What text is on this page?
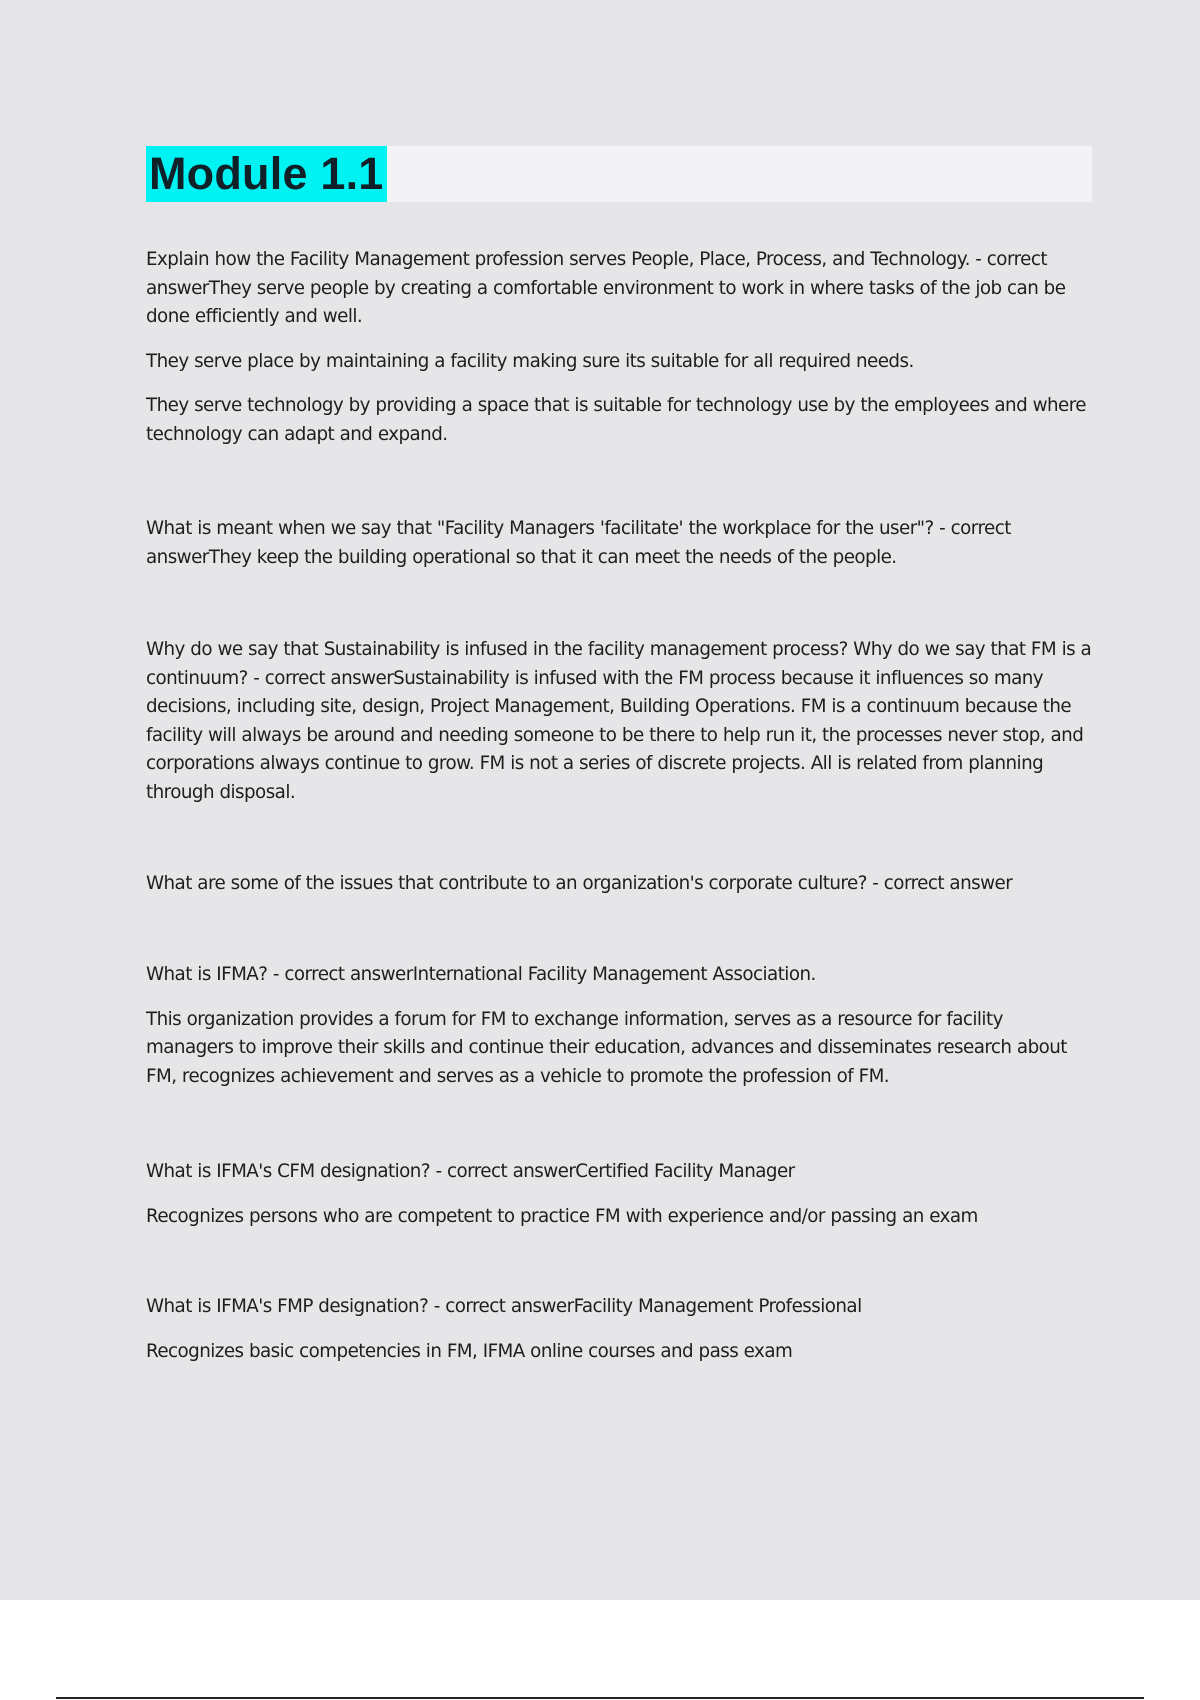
Module 1.1

Explain how the Facility Management profession serves People, Place, Process, and Technology. - correct answerThey serve people by creating a comfortable environment to work in where tasks of the job can be done efficiently and well.

They serve place by maintaining a facility making sure its suitable for all required needs.

They serve technology by providing a space that is suitable for technology use by the employees and where technology can adapt and expand.

What is meant when we say that "Facility Managers 'facilitate' the workplace for the user"? - correct answerThey keep the building operational so that it can meet the needs of the people.

Why do we say that Sustainability is infused in the facility management process? Why do we say that FM is a continuum? - correct answerSustainability is infused with the FM process because it influences so many decisions, including site, design, Project Management, Building Operations. FM is a continuum because the facility will always be around and needing someone to be there to help run it, the processes never stop, and corporations always continue to grow. FM is not a series of discrete projects. All is related from planning through disposal.

What are some of the issues that contribute to an organization's corporate culture? - correct answer

What is IFMA? - correct answerInternational Facility Management Association.

This organization provides a forum for FM to exchange information, serves as a resource for facility managers to improve their skills and continue their education, advances and disseminates research about FM, recognizes achievement and serves as a vehicle to promote the profession of FM.

What is IFMA's CFM designation? - correct answerCertified Facility Manager

Recognizes persons who are competent to practice FM with experience and/or passing an exam

What is IFMA's FMP designation? - correct answerFacility Management Professional

Recognizes basic competencies in FM, IFMA online courses and pass exam
